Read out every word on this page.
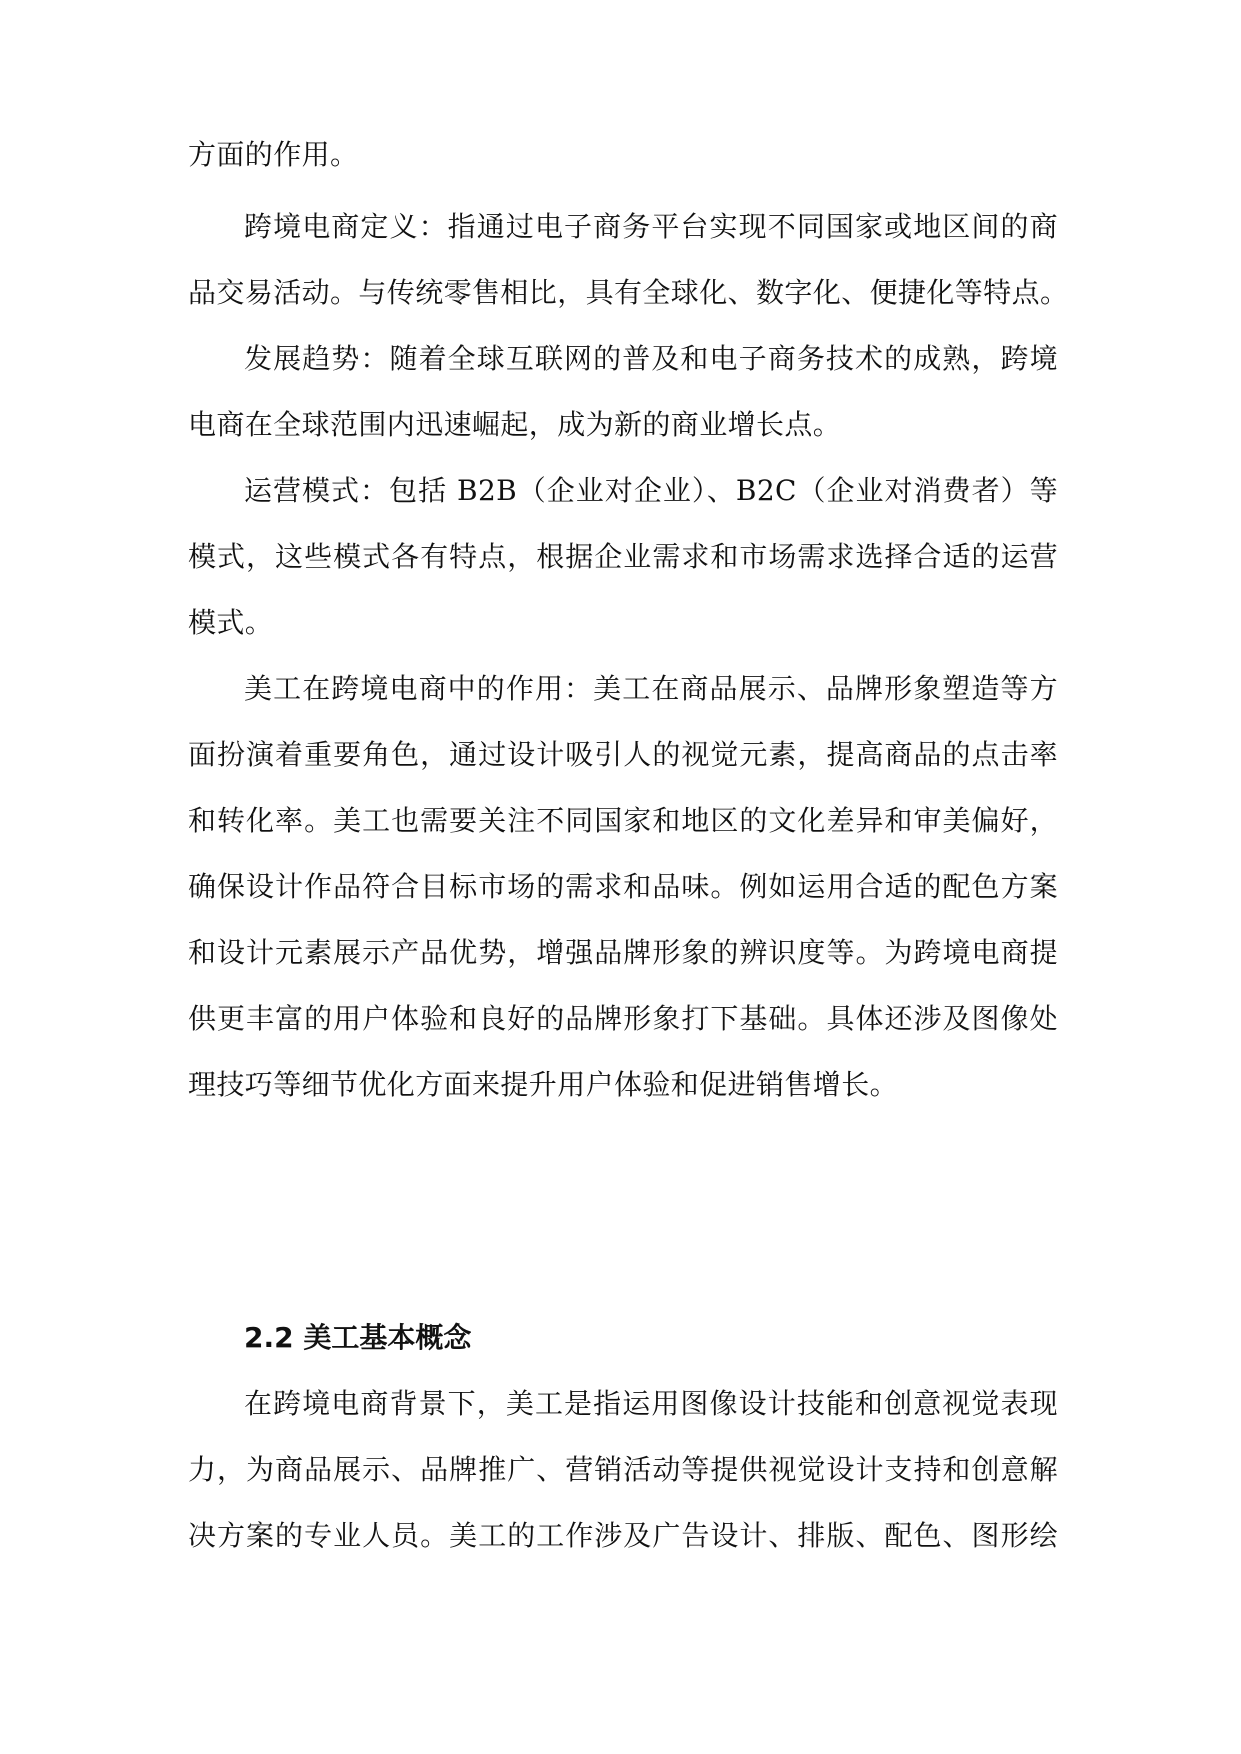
方面的作用。
跨境电商定义：指通过电子商务平台实现不同国家或地区间的商
品交易活动。与传统零售相比，具有全球化、数字化、便捷化等特点。
发展趋势：随着全球互联网的普及和电子商务技术的成熟，跨境
电商在全球范围内迅速崛起，成为新的商业增长点。
运营模式：包括 B2B（企业对企业）、B2C（企业对消费者）等
模式，这些模式各有特点，根据企业需求和市场需求选择合适的运营
模式。
美工在跨境电商中的作用：美工在商品展示、品牌形象塑造等方
面扮演着重要角色，通过设计吸引人的视觉元素，提高商品的点击率
和转化率。美工也需要关注不同国家和地区的文化差异和审美偏好，
确保设计作品符合目标市场的需求和品味。例如运用合适的配色方案
和设计元素展示产品优势，增强品牌形象的辨识度等。为跨境电商提
供更丰富的用户体验和良好的品牌形象打下基础。具体还涉及图像处
理技巧等细节优化方面来提升用户体验和促进销售增长。
2.2 美工基本概念
在跨境电商背景下，美工是指运用图像设计技能和创意视觉表现
力，为商品展示、品牌推广、营销活动等提供视觉设计支持和创意解
决方案的专业人员。美工的工作涉及广告设计、排版、配色、图形绘
